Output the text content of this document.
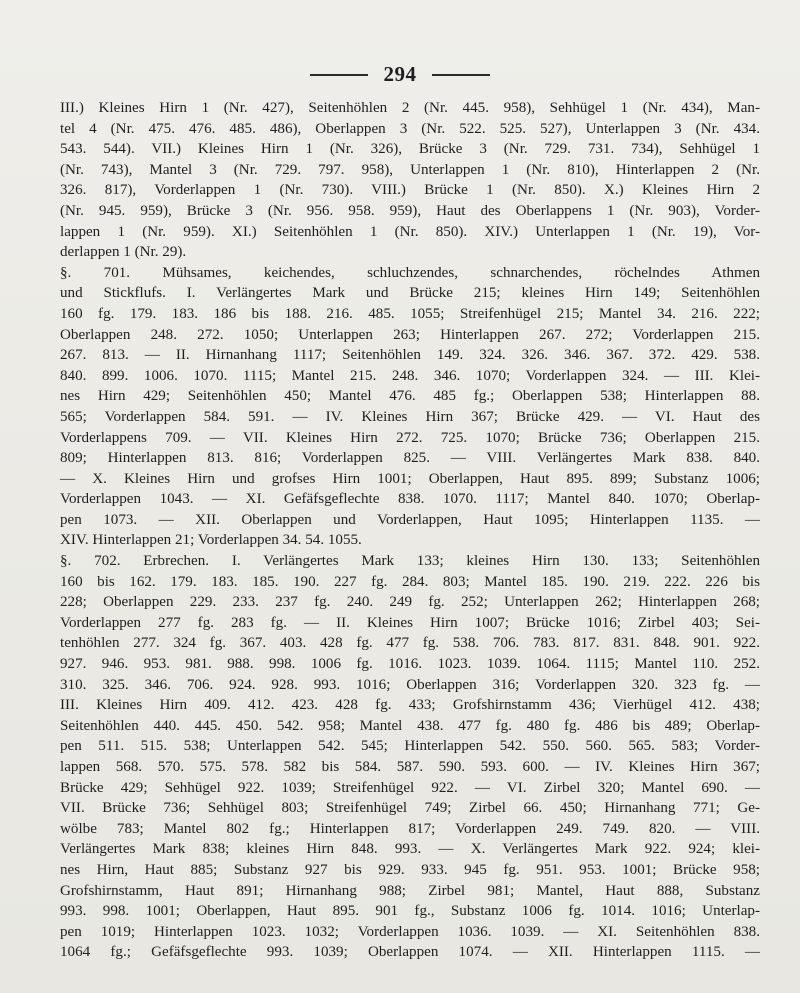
294
III.) Kleines Hirn 1 (Nr. 427), Seitenhöhlen 2 (Nr. 445. 958), Sehhügel 1 (Nr. 434), Man-
tel 4 (Nr. 475. 476. 485. 486), Oberlappen 3 (Nr. 522. 525. 527), Unterlappen 3 (Nr. 434.
543. 544). VII.) Kleines Hirn 1 (Nr. 326), Brücke 3 (Nr. 729. 731. 734), Sehhügel 1
(Nr. 743), Mantel 3 (Nr. 729. 797. 958), Unterlappen 1 (Nr. 810), Hinterlappen 2 (Nr.
326. 817), Vorderlappen 1 (Nr. 730). VIII.) Brücke 1 (Nr. 850). X.) Kleines Hirn 2
(Nr. 945. 959), Brücke 3 (Nr. 956. 958. 959), Haut des Oberlappens 1 (Nr. 903), Vorder-
lappen 1 (Nr. 959). XI.) Seitenhöhlen 1 (Nr. 850). XIV.) Unterlappen 1 (Nr. 19), Vor-
derlappen 1 (Nr. 29).
§. 701. Mühsames, keichendes, schluchzendes, schnarchendes, röchelndes Athmen
und Stickflufs. I. Verlängertes Mark und Brücke 215; kleines Hirn 149; Seitenhöhlen
160 fg. 179. 183. 186 bis 188. 216. 485. 1055; Streifenhügel 215; Mantel 34. 216. 222;
Oberlappen 248. 272. 1050; Unterlappen 263; Hinterlappen 267. 272; Vorderlappen 215.
267. 813. — II. Hirnanhang 1117; Seitenhöhlen 149. 324. 326. 346. 367. 372. 429. 538.
840. 899. 1006. 1070. 1115; Mantel 215. 248. 346. 1070; Vorderlappen 324. — III. Klei-
nes Hirn 429; Seitenhöhlen 450; Mantel 476. 485 fg.; Oberlappen 538; Hinterlappen 88.
565; Vorderlappen 584. 591. — IV. Kleines Hirn 367; Brücke 429. — VI. Haut des
Vorderlappens 709. — VII. Kleines Hirn 272. 725. 1070; Brücke 736; Oberlappen 215.
809; Hinterlappen 813. 816; Vorderlappen 825. — VIII. Verlängertes Mark 838. 840.
— X. Kleines Hirn und grofses Hirn 1001; Oberlappen, Haut 895. 899; Substanz 1006;
Vorderlappen 1043. — XI. Gefäfsgeflechte 838. 1070. 1117; Mantel 840. 1070; Oberlap-
pen 1073. — XII. Oberlappen und Vorderlappen, Haut 1095; Hinterlappen 1135. —
XIV. Hinterlappen 21; Vorderlappen 34. 54. 1055.
§. 702. Erbrechen. I. Verlängertes Mark 133; kleines Hirn 130. 133; Seitenhöhlen
160 bis 162. 179. 183. 185. 190. 227 fg. 284. 803; Mantel 185. 190. 219. 222. 226 bis
228; Oberlappen 229. 233. 237 fg. 240. 249 fg. 252; Unterlappen 262; Hinterlappen 268;
Vorderlappen 277 fg. 283 fg. — II. Kleines Hirn 1007; Brücke 1016; Zirbel 403; Sei-
tenhöhlen 277. 324 fg. 367. 403. 428 fg. 477 fg. 538. 706. 783. 817. 831. 848. 901. 922.
927. 946. 953. 981. 988. 998. 1006 fg. 1016. 1023. 1039. 1064. 1115; Mantel 110. 252.
310. 325. 346. 706. 924. 928. 993. 1016; Oberlappen 316; Vorderlappen 320. 323 fg. —
III. Kleines Hirn 409. 412. 423. 428 fg. 433; Grofshirnstamm 436; Vierhügel 412. 438;
Seitenhöhlen 440. 445. 450. 542. 958; Mantel 438. 477 fg. 480 fg. 486 bis 489; Oberlap-
pen 511. 515. 538; Unterlappen 542. 545; Hinterlappen 542. 550. 560. 565. 583; Vorder-
lappen 568. 570. 575. 578. 582 bis 584. 587. 590. 593. 600. — IV. Kleines Hirn 367;
Brücke 429; Sehhügel 922. 1039; Streifenhügel 922. — VI. Zirbel 320; Mantel 690. —
VII. Brücke 736; Sehhügel 803; Streifenhügel 749; Zirbel 66. 450; Hirnanhang 771; Ge-
wölbe 783; Mantel 802 fg.; Hinterlappen 817; Vorderlappen 249. 749. 820. — VIII.
Verlängertes Mark 838; kleines Hirn 848. 993. — X. Verlängertes Mark 922. 924; klei-
nes Hirn, Haut 885; Substanz 927 bis 929. 933. 945 fg. 951. 953. 1001; Brücke 958;
Grofshirnstamm, Haut 891; Hirnanhang 988; Zirbel 981; Mantel, Haut 888, Substanz
993. 998. 1001; Oberlappen, Haut 895. 901 fg., Substanz 1006 fg. 1014. 1016; Unterlap-
pen 1019; Hinterlappen 1023. 1032; Vorderlappen 1036. 1039. — XI. Seitenhöhlen 838.
1064 fg.; Gefäfsgeflechte 993. 1039; Oberlappen 1074. — XII. Hinterlappen 1115. —
